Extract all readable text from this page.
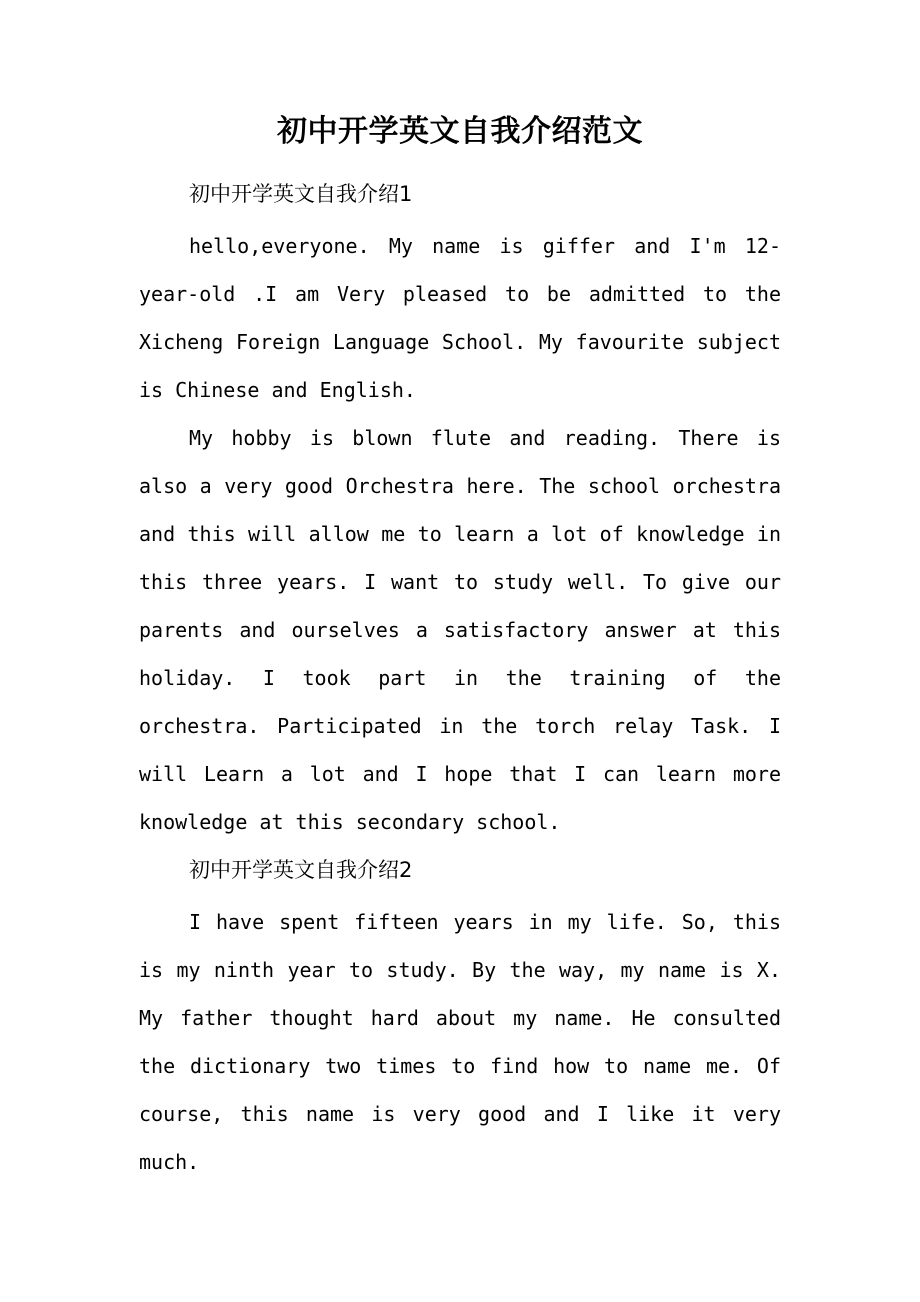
初中开学英文自我介绍范文

初中开学英文自我介绍1

hello,everyone. My name is giffer and I'm 12-year-old .I am Very pleased to be admitted to the Xicheng Foreign Language School. My favourite subject is Chinese and English.

My hobby is blown flute and reading. There is also a very good Orchestra here. The school orchestra and this will allow me to learn a lot of knowledge in this three years. I want to study well. To give our parents and ourselves a satisfactory answer at this holiday. I took part in the training of the orchestra. Participated in the torch relay Task. I will Learn a lot and I hope that I can learn more knowledge at this secondary school.

初中开学英文自我介绍2

I have spent fifteen years in my life. So, this is my ninth year to study. By the way, my name is X. My father thought hard about my name. He consulted the dictionary two times to find how to name me. Of course, this name is very good and I like it very much.
